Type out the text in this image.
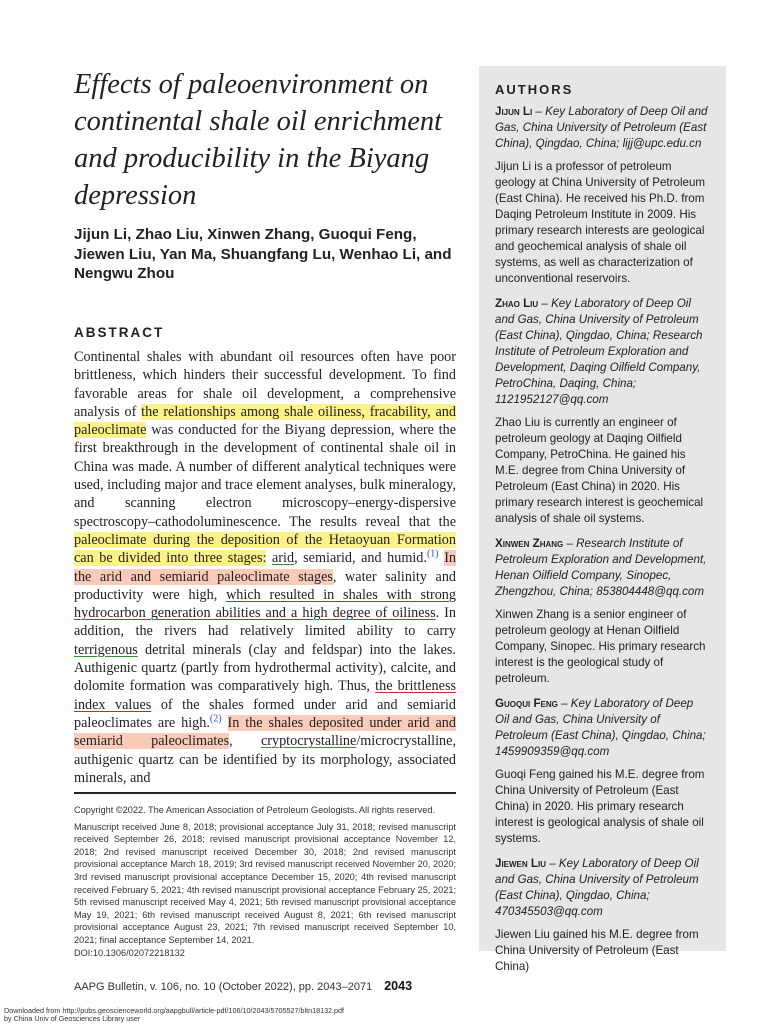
Effects of paleoenvironment on continental shale oil enrichment and producibility in the Biyang depression
Jijun Li, Zhao Liu, Xinwen Zhang, Guoqui Feng, Jiewen Liu, Yan Ma, Shuangfang Lu, Wenhao Li, and Nengwu Zhou
ABSTRACT
Continental shales with abundant oil resources often have poor brittleness, which hinders their successful development. To find favorable areas for shale oil development, a comprehensive analysis of the relationships among shale oiliness, fracability, and paleoclimate was conducted for the Biyang depression, where the first breakthrough in the development of continental shale oil in China was made. A number of different analytical techniques were used, including major and trace element analyses, bulk mineralogy, and scanning electron microscopy–energy-dispersive spectroscopy–cathodoluminescence. The results reveal that the paleoclimate during the deposition of the Hetaoyuan Formation can be divided into three stages: arid, semiarid, and humid.$^{(1)}$ In the arid and semiarid paleoclimate stages, water salinity and productivity were high, which resulted in shales with strong hydrocarbon generation abilities and a high degree of oiliness. In addition, the rivers had relatively limited ability to carry terrigenous detrital minerals (clay and feldspar) into the lakes. Authigenic quartz (partly from hydrothermal activity), calcite, and dolomite formation was comparatively high. Thus, the brittleness index values of the shales formed under arid and semiarid paleoclimates are high.$^{(2)}$ In the shales deposited under arid and semiarid paleoclimates, cryptocrystalline/microcrystalline, authigenic quartz can be identified by its morphology, associated minerals, and
Copyright ©2022. The American Association of Petroleum Geologists. All rights reserved.
Manuscript received June 8, 2018; provisional acceptance July 31, 2018; revised manuscript received September 26, 2018; revised manuscript provisional acceptance November 12, 2018; 2nd revised manuscript received December 30, 2018; 2nd revised manuscript provisional acceptance March 18, 2019; 3rd revised manuscript received November 20, 2020; 3rd revised manuscript provisional acceptance December 15, 2020; 4th revised manuscript received February 5, 2021; 4th revised manuscript provisional acceptance February 25, 2021; 5th revised manuscript received May 4, 2021; 5th revised manuscript provisional acceptance May 19, 2021; 6th revised manuscript received August 8, 2021; 6th revised manuscript provisional acceptance August 23, 2021; 7th revised manuscript received September 10, 2021; final acceptance September 14, 2021.
DOI:10.1306/02072218132
AAPG Bulletin, v. 106, no. 10 (October 2022), pp. 2043–2071 2043
Downloaded from http://pubs.geoscienceworld.org/aapgbull/article-pdf/106/10/2043/5705527/bltn18132.pdf
by China Univ of Geosciences Library user
AUTHORS
Jijun Li – Key Laboratory of Deep Oil and Gas, China University of Petroleum (East China), Qingdao, China; lijj@upc.edu.cn
Jijun Li is a professor of petroleum geology at China University of Petroleum (East China). He received his Ph.D. from Daqing Petroleum Institute in 2009. His primary research interests are geological and geochemical analysis of shale oil systems, as well as characterization of unconventional reservoirs.
Zhao Liu – Key Laboratory of Deep Oil and Gas, China University of Petroleum (East China), Qingdao, China; Research Institute of Petroleum Exploration and Development, Daqing Oilfield Company, PetroChina, Daqing, China; 1121952127@qq.com
Zhao Liu is currently an engineer of petroleum geology at Daqing Oilfield Company, PetroChina. He gained his M.E. degree from China University of Petroleum (East China) in 2020. His primary research interest is geochemical analysis of shale oil systems.
Xinwen Zhang – Research Institute of Petroleum Exploration and Development, Henan Oilfield Company, Sinopec, Zhengzhou, China; 853804448@qq.com
Xinwen Zhang is a senior engineer of petroleum geology at Henan Oilfield Company, Sinopec. His primary research interest is the geological study of petroleum.
Guoqui Feng – Key Laboratory of Deep Oil and Gas, China University of Petroleum (East China), Qingdao, China; 1459909359@qq.com
Guoqi Feng gained his M.E. degree from China University of Petroleum (East China) in 2020. His primary research interest is geological analysis of shale oil systems.
Jiewen Liu – Key Laboratory of Deep Oil and Gas, China University of Petroleum (East China), Qingdao, China; 470345503@qq.com
Jiewen Liu gained his M.E. degree from China University of Petroleum (East China)
